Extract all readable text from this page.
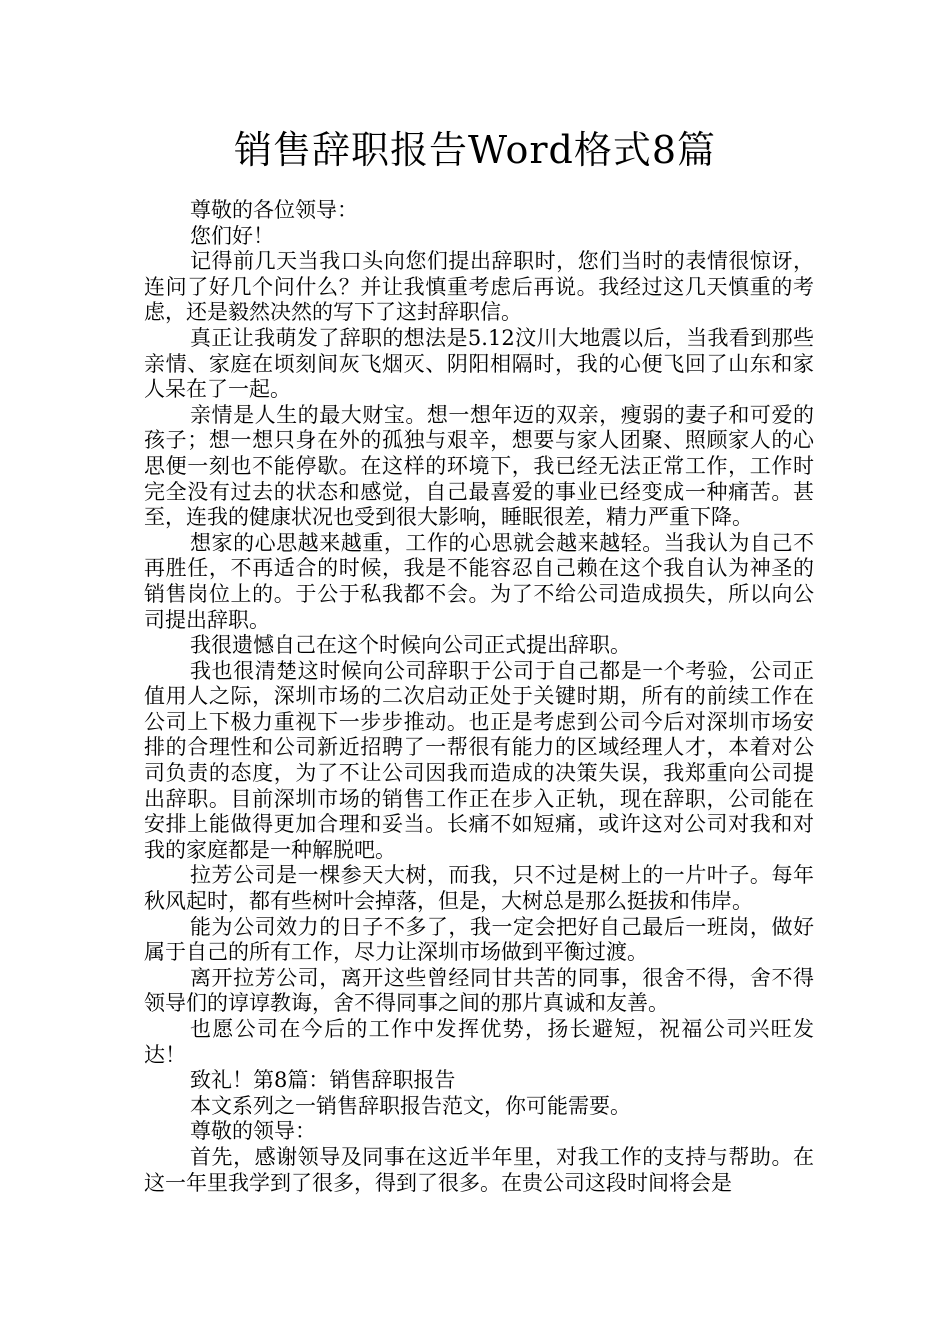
销售辞职报告Word格式8篇

尊敬的各位领导：

您们好！

记得前几天当我口头向您们提出辞职时，您们当时的表情很惊讶，连问了好几个问什么？并让我慎重考虑后再说。我经过这几天慎重的考虑，还是毅然决然的写下了这封辞职信。

真正让我萌发了辞职的想法是5.12汶川大地震以后，当我看到那些亲情、家庭在顷刻间灰飞烟灭、阴阳相隔时，我的心便飞回了山东和家人呆在了一起。

亲情是人生的最大财宝。想一想年迈的双亲，瘦弱的妻子和可爱的孩子；想一想只身在外的孤独与艰辛，想要与家人团聚、照顾家人的心思便一刻也不能停歇。在这样的环境下，我已经无法正常工作，工作时完全没有过去的状态和感觉，自己最喜爱的事业已经变成一种痛苦。甚至，连我的健康状况也受到很大影响，睡眠很差，精力严重下降。

想家的心思越来越重，工作的心思就会越来越轻。当我认为自己不再胜任，不再适合的时候，我是不能容忍自己赖在这个我自认为神圣的销售岗位上的。于公于私我都不会。为了不给公司造成损失，所以向公司提出辞职。

我很遗憾自己在这个时候向公司正式提出辞职。

我也很清楚这时候向公司辞职于公司于自己都是一个考验，公司正值用人之际，深圳市场的二次启动正处于关键时期，所有的前续工作在公司上下极力重视下一步步推动。也正是考虑到公司今后对深圳市场安排的合理性和公司新近招聘了一帮很有能力的区域经理人才，本着对公司负责的态度，为了不让公司因我而造成的决策失误，我郑重向公司提出辞职。目前深圳市场的销售工作正在步入正轨，现在辞职，公司能在安排上能做得更加合理和妥当。长痛不如短痛，或许这对公司对我和对我的家庭都是一种解脱吧。

拉芳公司是一棵参天大树，而我，只不过是树上的一片叶子。每年秋风起时，都有些树叶会掉落，但是，大树总是那么挺拔和伟岸。

能为公司效力的日子不多了，我一定会把好自己最后一班岗，做好属于自己的所有工作，尽力让深圳市场做到平衡过渡。

离开拉芳公司，离开这些曾经同甘共苦的同事，很舍不得，舍不得领导们的谆谆教诲，舍不得同事之间的那片真诚和友善。

也愿公司在今后的工作中发挥优势，扬长避短，祝福公司兴旺发达！

致礼！第8篇：销售辞职报告

本文系列之一销售辞职报告范文，你可能需要。

尊敬的领导：

首先，感谢领导及同事在这近半年里，对我工作的支持与帮助。在这一年里我学到了很多，得到了很多。在贵公司这段时间将会是
